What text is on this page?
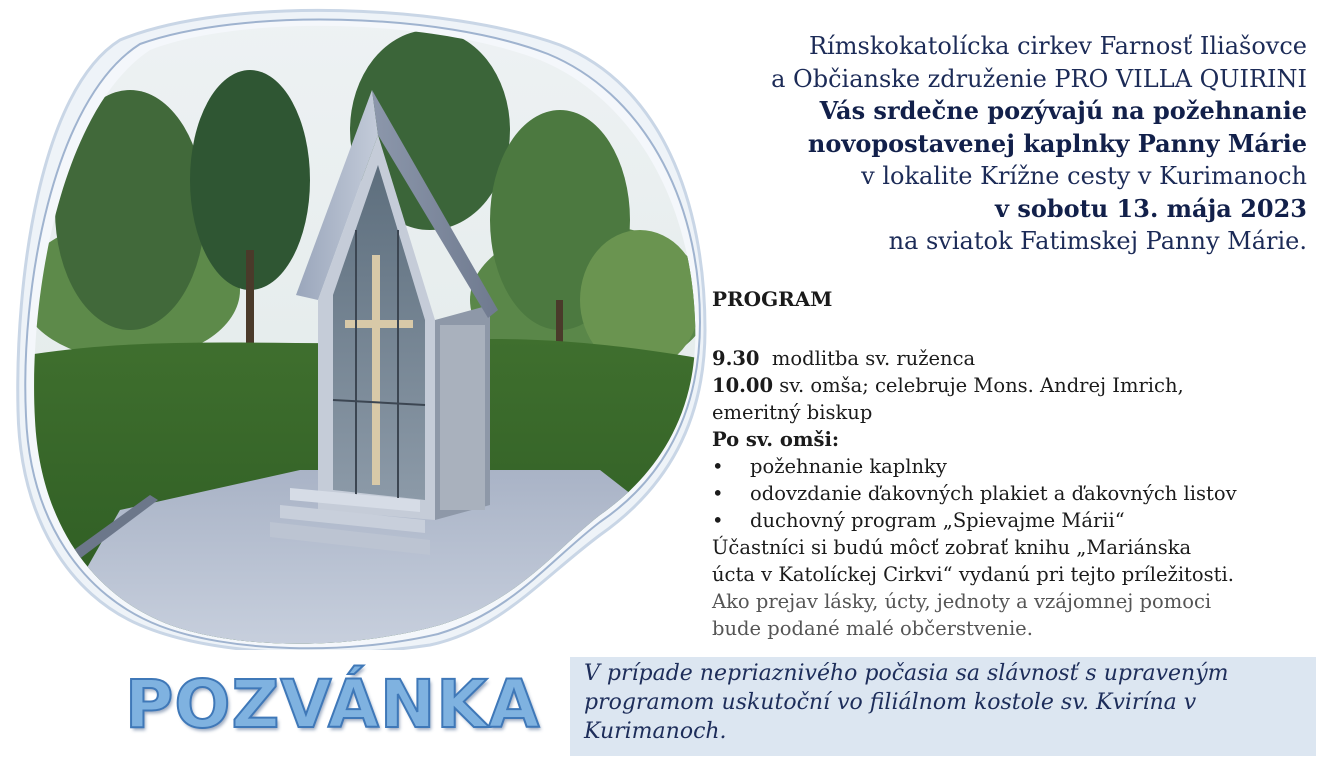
Rímskokatolícka cirkev Farnosť Iliašovce
a Občianske združenie PRO VILLA QUIRINI
Vás srdečne pozývajú na požehnanie
novopostavenej kaplnky Panny Márie
v lokalite Krížne cesty v Kurimanoch
v sobotu 13. mája 2023
na sviatok Fatimskej Panny Márie.
PROGRAM
9.30 modlitba sv. ruženca
10.00 sv. omša; celebruje Mons. Andrej Imrich,
emeritný biskup
Po sv. omši:
• požehnanie kaplnky
• odovzdanie ďakovných plakiet a ďakovných listov
• duchovný program „Spievajme Márii“
Účastníci si budú môcť zobrať knihu „Mariánska
úcta v Katolíckej Cirkvi“ vydanú pri tejto príležitosti.
Ako prejav lásky, úcty, jednoty a vzájomnej pomoci
bude podané malé občerstvenie.
POZVÁNKA	V prípade nepriaznivého počasia sa slávnosť s upraveným programom uskutoční vo filiálnom kostole sv. Kvirína v Kurimanoch.
